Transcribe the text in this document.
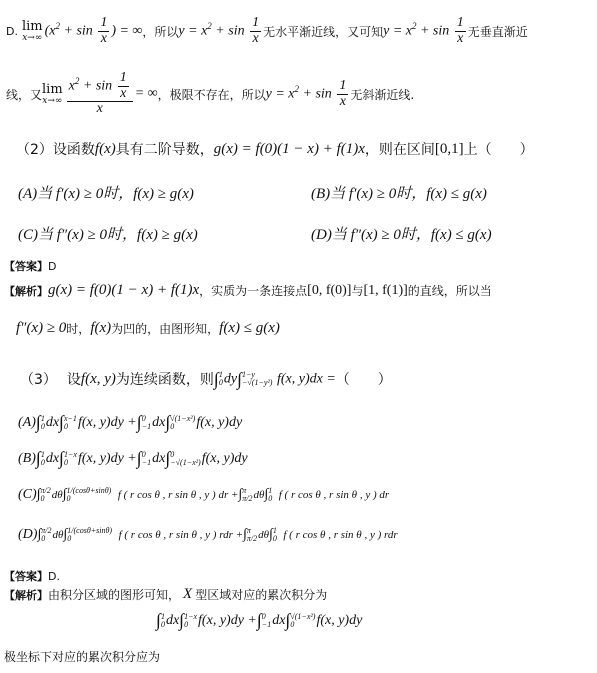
D. lim
x→∞ ($x^2 + \sin \frac{1}{x}$ ) = ∞ ，所以 $y = x^2 + \sin \frac{1}{x}$ 无水平渐近线，又可知 $y = x^2 + \sin \frac{1}{x}$ 无垂直渐近
线，又 lim
$x\to\infty \frac{x^2 + \sin \frac{1}{x}}{x}$ = ∞ ，极限不存在，所以 $y = x^2 + \sin \frac{1}{x}$ 无斜渐近线.
（2） 设函数 f(x) 具有二阶导数， g(x) = f(0)(1 − x) + f(1)x ，则在区间 [0,1] 上（　　）
(A)当 f′(x) ≥ 0时，f(x) ≥ g(x)	(B)当 f′(x) ≥ 0时，f(x) ≤ g(x)
(C)当 f″(x) ≥ 0时，f(x) ≥ g(x)	(D)当 f″(x) ≥ 0时，f(x) ≤ g(x)
【答案】D
【解析】 g(x) = f(0)(1 − x) + f(1)x ，实质为一条连接点 [0, f(0)] 与 [1, f(1)] 的直线，所以当
f″(x) ≥ 0 时， f(x) 为凹的，由图形知， f(x) ≤ g(x)
（3） 设 f(x, y) 为连续函数，则 ∫ 1
0 dy∫ 1−y
−√(1−y²) f(x, y)dx = （　　）
(A) ∫ 1
0 dx ∫ x−1
0 f(x, y)dy + ∫ 0
−1 dx ∫ √(1−x²)
0	f(x, y)dy
(B) ∫ 1
0 dx ∫ 1−x
0 f(x, y)dy + ∫ 0
−1 dx ∫ 0
−√(1−x²) f(x, y)dy
(C) ∫ π/2
0 dθ ∫ 1/(cosθ+sinθ)
0	f ( r cos θ , r sin θ , y ) dr + ∫ π
π/2 dθ ∫ 1
0 f ( r cos θ , r sin θ , y ) dr
(D) ∫ π/2
0 dθ ∫ 1/(cosθ+sinθ)
0	f ( r cos θ , r sin θ , y ) rdr + ∫ π
π/2 dθ ∫ 1
0 f ( r cos θ , r sin θ , y ) rdr
【答案】D.
【解析】 由积分区域的图形可知， X 型区域对应的累次积分为
∫ 1
0 dx ∫ 1−x
0 f(x, y)dy + ∫ 0
−1 dx ∫ √(1−x²)
0	f(x, y)dy
极坐标下对应的累次积分应为
